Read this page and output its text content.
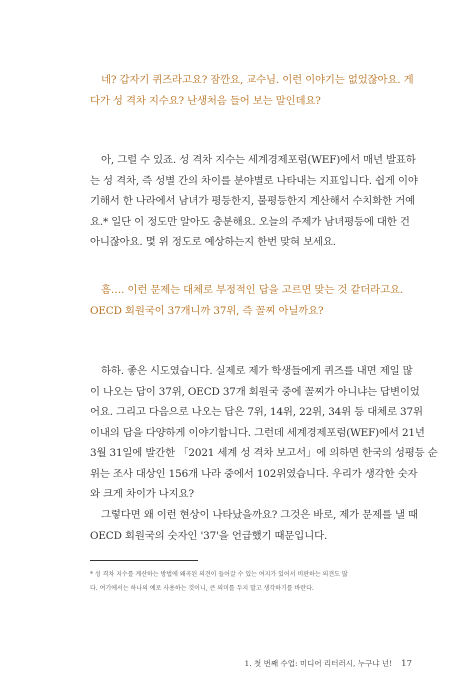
네? 갑자기 퀴즈라고요? 잠깐요, 교수님. 이런 이야기는 없었잖아요. 게
다가 성 격차 지수요? 난생처음 들어 보는 말인데요?
아, 그럴 수 있죠. 성 격차 지수는 세계경제포럼(WEF)에서 매년 발표하
는 성 격차, 즉 성별 간의 차이를 분야별로 나타내는 지표입니다. 쉽게 이야
기해서 한 나라에서 남녀가 평등한지, 불평등한지 계산해서 수치화한 거예
요.* 일단 이 정도만 알아도 충분해요. 오늘의 주제가 남녀평등에 대한 건
아니잖아요. 몇 위 정도로 예상하는지 한번 맞혀 보세요.
흠…. 이런 문제는 대체로 부정적인 답을 고르면 맞는 것 같더라고요.
OECD 회원국이 37개니까 37위, 즉 꼴찌 아닐까요?
하하. 좋은 시도였습니다. 실제로 제가 학생들에게 퀴즈를 내면 제일 많
이 나오는 답이 37위, OECD 37개 회원국 중에 꼴찌가 아니냐는 답변이었
어요. 그리고 다음으로 나오는 답은 7위, 14위, 22위, 34위 등 대체로 37위
이내의 답을 다양하게 이야기합니다. 그런데 세계경제포럼(WEF)에서 21년
3월 31일에 발간한 「2021 세계 성 격차 보고서」에 의하면 한국의 성평등 순
위는 조사 대상인 156개 나라 중에서 102위였습니다. 우리가 생각한 숫자
와 크게 차이가 나지요?
그렇다면 왜 이런 현상이 나타났을까요? 그것은 바로, 제가 문제를 낼 때
OECD 회원국의 숫자인 '37'을 언급했기 때문입니다.
* 성 격차 지수를 계산하는 방법에 왜곡된 의견이 들어갈 수 있는 여지가 있어서 비판하는 의견도 많
다. 여기에서는 하나의 예로 사용하는 것이니, 큰 의미를 두지 말고 생각하기를 바란다.
1. 첫 번째 수업: 미디어 리터러시, 누구냐 넌! 17
